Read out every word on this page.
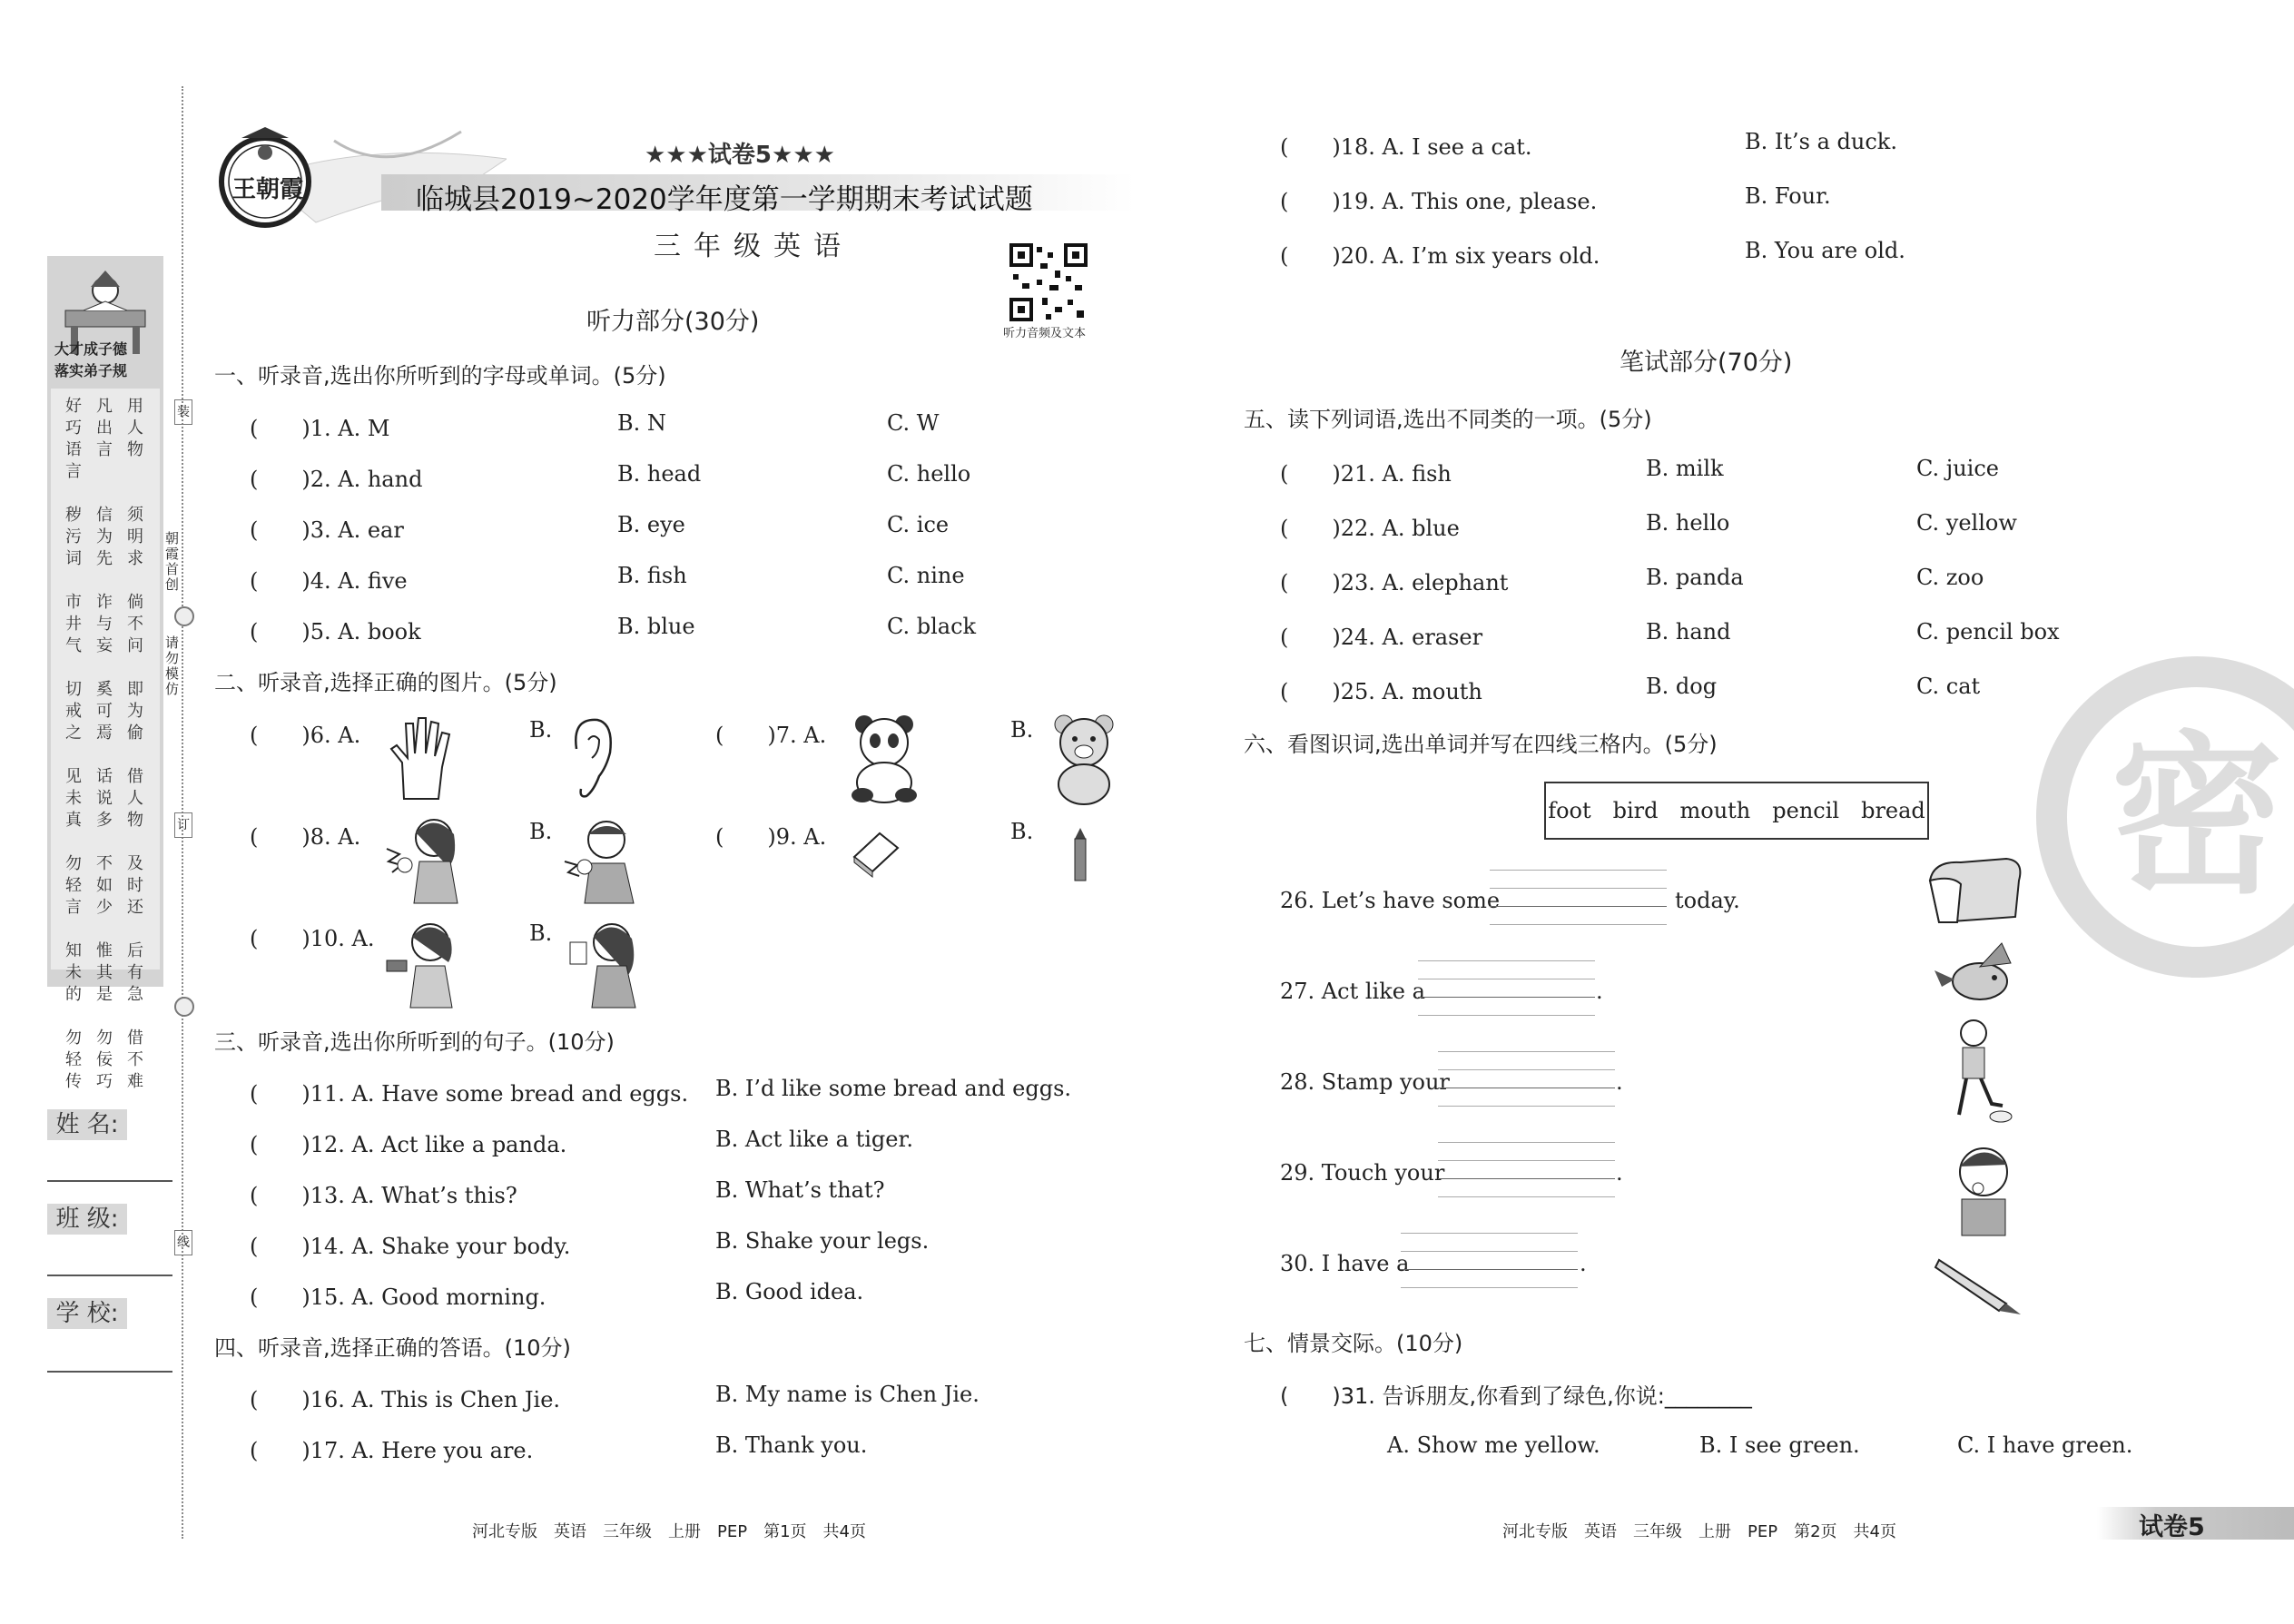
大才成子德
落实弟子规
好
巧
语
言

秽
污
词

市
井
气

切
戒
之

见
未
真

勿
轻
言

知
未
的

勿
轻
传
凡
出
言

信
为
先

诈
与
妄

奚
可
焉

话
说
多

不
如
少

惟
其
是

勿
佞
巧
用
人
物

须
明
求

倘
不
问

即
为
偷

借
人
物

及
时
还

后
有
急

借
不
难
装
订
线
朝
霞
首
创
请
勿
模
仿
姓 名:
班 级:
学 校:
王朝霞
★★★试卷5★★★
临城县2019~2020学年度第一学期期末考试试题
三年级英语
听力音频及文本
听力部分(30分)
一、听录音,选出你所听到的字母或单词。(5分)
(　　)1. A. M	B. N	C. W
(　　)2. A. hand	B. head	C. hello
(　　)3. A. ear	B. eye	C. ice
(　　)4. A. five	B. fish	C. nine
(　　)5. A. book	B. blue	C. black
二、听录音,选择正确的图片。(5分)
(　　)6. A.	B.	(　　)7. A.	B.
(　　)8. A.	B.	(　　)9. A.	B.
(　　)10. A.	B.
三、听录音,选出你所听到的句子。(10分)
(　　)11. A. Have some bread and eggs. B. I’d like some bread and eggs.
(　　)12. A. Act like a panda.	B. Act like a tiger.
(　　)13. A. What’s this?	B. What’s that?
(　　)14. A. Shake your body.	B. Shake your legs.
(　　)15. A. Good morning.	B. Good idea.
四、听录音,选择正确的答语。(10分)
(　　)16. A. This is Chen Jie.	B. My name is Chen Jie.
(　　)17. A. Here you are.	B. Thank you.
(　　)18. A. I see a cat.	B. It’s a duck.
(　　)19. A. This one, please.	B. Four.
(　　)20. A. I’m six years old.	B. You are old.
密
笔试部分(70分)
五、读下列词语,选出不同类的一项。(5分)
(　　)21. A. fish	B. milk	C. juice
(　　)22. A. blue	B. hello	C. yellow
(　　)23. A. elephant	B. panda	C. zoo
(　　)24. A. eraser	B. hand	C. pencil box
(　　)25. A. mouth	B. dog	C. cat
六、看图识词,选出单词并写在四线三格内。(5分)
foot　bird　mouth　pencil　bread
26. Let’s have some	today.
27. Act like a	.
28. Stamp your	.
29. Touch your	.
30. I have a	.
七、情景交际。(10分)
(　　)31. 告诉朋友,你看到了绿色,你说:________
A. Show me yellow.	B. I see green.	C. I have green.
河北专版　英语　三年级　上册　PEP　第1页　共4页	河北专版　英语　三年级　上册　PEP　第2页　共4页	试卷5
